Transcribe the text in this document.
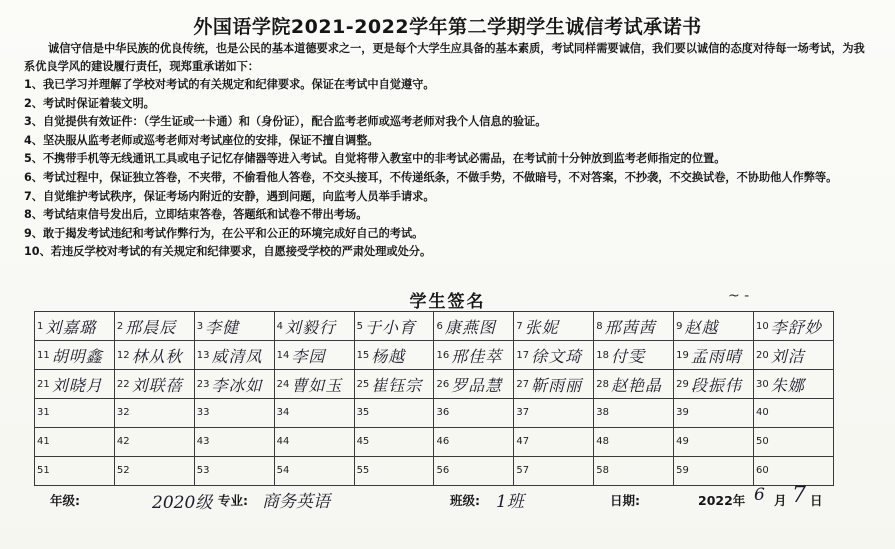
外国语学院2021-2022学年第二学期学生诚信考试承诺书
诚信守信是中华民族的优良传统，也是公民的基本道德要求之一，更是每个大学生应具备的基本素质，考试同样需要诚信，我们要以诚信的态度对待每一场考试，为我系优良学风的建设履行责任，现郑重承诺如下：
1、我已学习并理解了学校对考试的有关规定和纪律要求。保证在考试中自觉遵守。
2、考试时保证着装文明。
3、自觉提供有效证件：（学生证或一卡通）和（身份证），配合监考老师或巡考老师对我个人信息的验证。
4、坚决服从监考老师或巡考老师对考试座位的安排，保证不擅自调整。
5、不携带手机等无线通讯工具或电子记忆存储器等进入考试。自觉将带入教室中的非考试必需品，在考试前十分钟放到监考老师指定的位置。
6、考试过程中，保证独立答卷，不夹带，不偷看他人答卷，不交头接耳，不传递纸条，不做手势，不做暗号，不对答案，不抄袭，不交换试卷，不协助他人作弊等。
7、自觉维护考试秩序，保证考场内附近的安静，遇到问题，向监考人员举手请求。
8、考试结束信号发出后，立即结束答卷，答题纸和试卷不带出考场。
9、敢于揭发考试违纪和考试作弊行为，在公平和公正的环境完成好自己的考试。
10、若违反学校对考试的有关规定和纪律要求，自愿接受学校的严肃处理或处分。
学生签名	~ -
1 刘嘉璐	2 邢晨辰	3 李健	4 刘毅行	5 于小育	6 康燕图	7 张妮	8 邢茜茜	9 赵越	10 李舒妙
11 胡明鑫	12 林从秋	13 威清凤	14 李园	15 杨越	16 邢佳萃	17 徐文琦	18 付雯	19 孟雨晴	20 刘洁
21 刘晓月	22 刘联蓓	23 李冰如	24 曹如玉	25 崔钰宗	26 罗品慧	27 靳雨丽	28 赵艳晶	29 段振伟	30 朱娜
31	32	33	34	35	36	37	38	39	40
41	42	43	44	45	46	47	48	49	50
51	52	53	54	55	56	57	58	59	60
年级:	2020级 专业: 商务英语	班级: 1班	日期:	2022年 6 月 7 日
